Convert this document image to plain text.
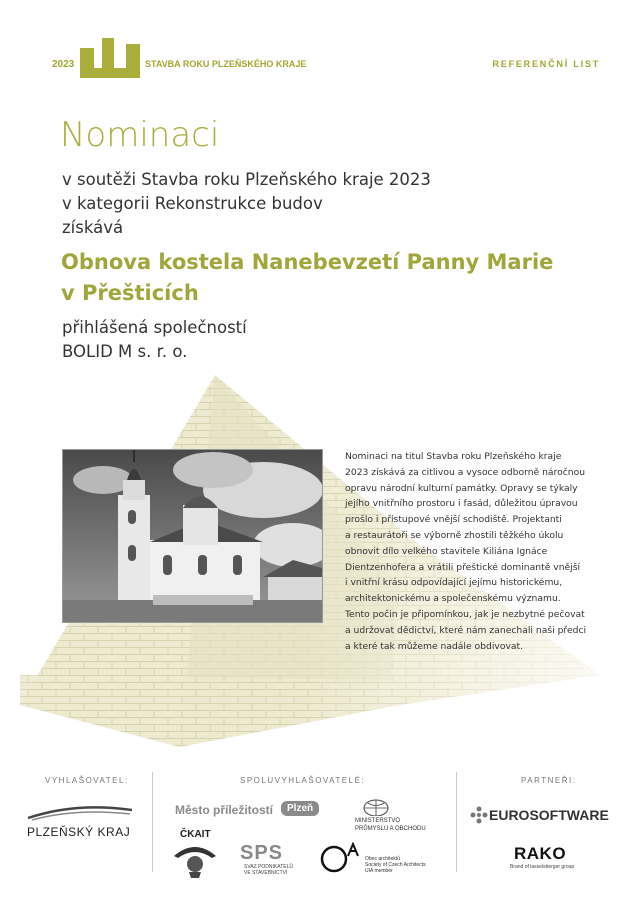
2023	STAVBA ROKU PLZEŇSKÉHO KRAJE	REFERENČNÍ LIST
Nominaci
v soutěži Stavba roku Plzeňského kraje 2023
v kategorii Rekonstrukce budov
získává
Obnova kostela Nanebevzetí Panny Marie
v Přešticích
přihlášená společností
BOLID M s. r. o.
Nominaci na titul Stavba roku Plzeňského kraje
2023 získává za citlivou a vysoce odborně náročnou
opravu národní kulturní památky. Opravy se týkaly
jejího vnitřního prostoru i fasád, důležitou úpravou
prošlo i přístupové vnější schodiště. Projektanti
a restaurátoři se výborně zhostili těžkého úkolu
obnovit dílo velkého stavitele Kiliána Ignáce
Dientzenhofera a vrátili přeštické dominantě vnější
i vnitřní krásu odpovídající jejímu historickému,
architektonickému a společenskému významu.
Tento počin je připomínkou, jak je nezbytné pečovat
a udržovat dědictví, které nám zanechali naši předci
a které tak můžeme nadále obdivovat.
VYHLAŠOVATEL:	SPOLUVYHLAŠOVATELÉ:	PARTNEŘI:
PLZEŇSKÝ KRAJ
Město příležitostí	Plzeň
MINISTERSTVO
PRŮMYSLU A OBCHODU
ČKAIT
SPS
SVAZ PODNIKATELŮ
VE STAVEBNICTVÍ
Obec architektů
Society of Czech Architects
UIA member
EUROSOFTWARE
RAKO
Brand of lasselsberger group
